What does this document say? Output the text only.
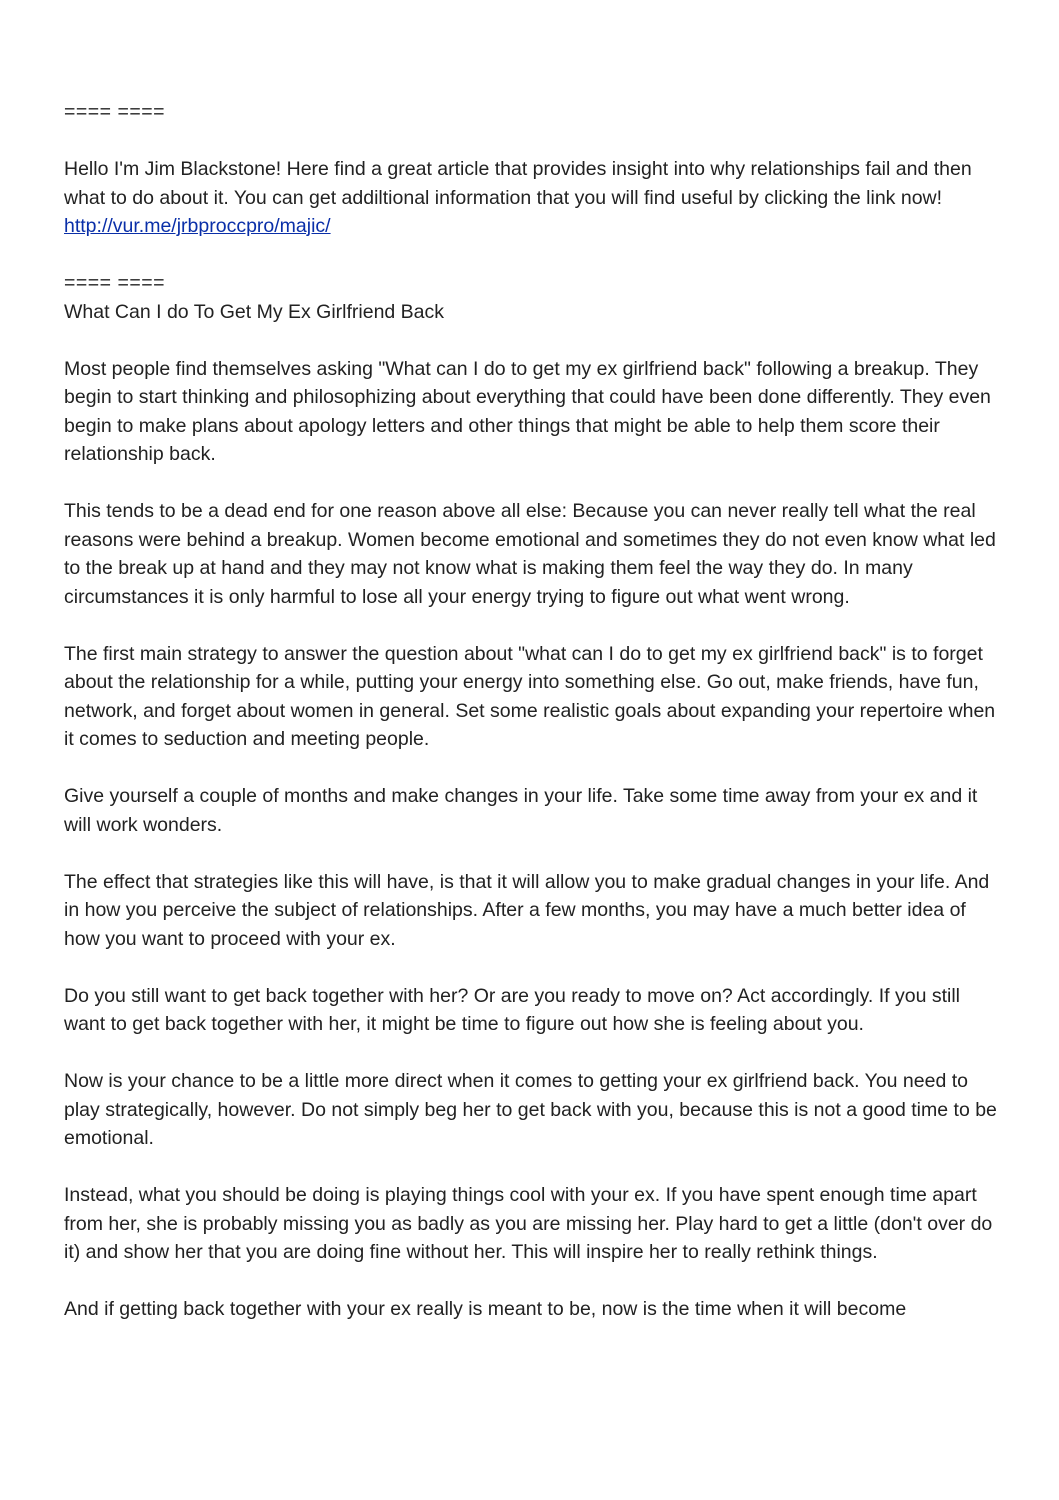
==== ====
Hello I'm Jim Blackstone! Here find a great article that provides insight into why relationships fail and then what to do about it. You can get addiltional information that you will find useful by clicking the link now!
http://vur.me/jrbproccpro/majic/
==== ====

What Can I do To Get My Ex Girlfriend Back

Most people find themselves asking "What can I do to get my ex girlfriend back" following a breakup. They begin to start thinking and philosophizing about everything that could have been done differently. They even begin to make plans about apology letters and other things that might be able to help them score their relationship back.

This tends to be a dead end for one reason above all else: Because you can never really tell what the real reasons were behind a breakup. Women become emotional and sometimes they do not even know what led to the break up at hand and they may not know what is making them feel the way they do. In many circumstances it is only harmful to lose all your energy trying to figure out what went wrong.

The first main strategy to answer the question about "what can I do to get my ex girlfriend back" is to forget about the relationship for a while, putting your energy into something else. Go out, make friends, have fun, network, and forget about women in general. Set some realistic goals about expanding your repertoire when it comes to seduction and meeting people.

Give yourself a couple of months and make changes in your life. Take some time away from your ex and it will work wonders.

The effect that strategies like this will have, is that it will allow you to make gradual changes in your life. And in how you perceive the subject of relationships. After a few months, you may have a much better idea of how you want to proceed with your ex.

Do you still want to get back together with her? Or are you ready to move on? Act accordingly. If you still want to get back together with her, it might be time to figure out how she is feeling about you.

Now is your chance to be a little more direct when it comes to getting your ex girlfriend back. You need to play strategically, however. Do not simply beg her to get back with you, because this is not a good time to be emotional.

Instead, what you should be doing is playing things cool with your ex. If you have spent enough time apart from her, she is probably missing you as badly as you are missing her. Play hard to get a little (don't over do it) and show her that you are doing fine without her. This will inspire her to really rethink things.

And if getting back together with your ex really is meant to be, now is the time when it will become
